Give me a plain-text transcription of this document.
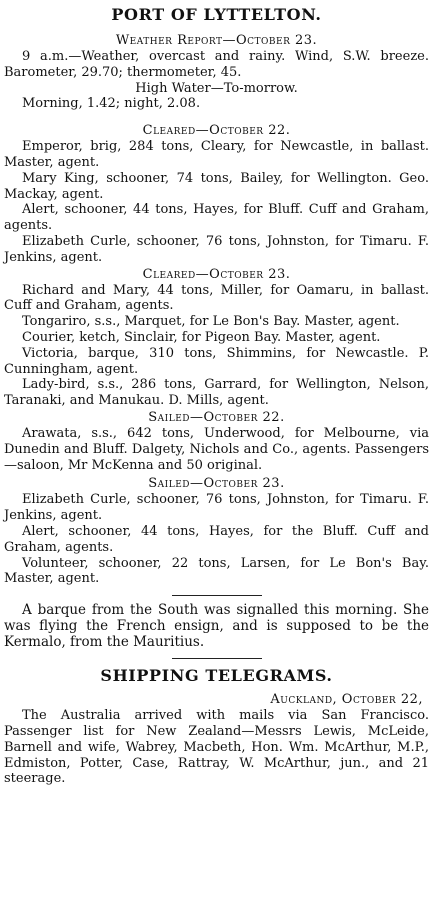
PORT OF LYTTELTON.
Weather Report—October 23.

9 a.m.—Weather, overcast and rainy. Wind, S.W. breeze. Barometer, 29.70; thermometer, 45.

High Water—To-morrow.

Morning, 1.42; night, 2.08.

Cleared—October 22.

Emperor, brig, 284 tons, Cleary, for Newcastle, in ballast. Master, agent.

Mary King, schooner, 74 tons, Bailey, for Wellington. Geo. Mackay, agent.

Alert, schooner, 44 tons, Hayes, for Bluff. Cuff and Graham, agents.

Elizabeth Curle, schooner, 76 tons, Johnston, for Timaru. F. Jenkins, agent.

Cleared—October 23.

Richard and Mary, 44 tons, Miller, for Oamaru, in ballast. Cuff and Graham, agents.

Tongariro, s.s., Marquet, for Le Bon's Bay. Master, agent.

Courier, ketch, Sinclair, for Pigeon Bay. Master, agent.

Victoria, barque, 310 tons, Shimmins, for Newcastle. P. Cunningham, agent.

Lady-bird, s.s., 286 tons, Garrard, for Wellington, Nelson, Taranaki, and Manukau. D. Mills, agent.

Sailed—October 22.

Arawata, s.s., 642 tons, Underwood, for Melbourne, via Dunedin and Bluff. Dalgety, Nichols and Co., agents. Passengers—saloon, Mr McKenna and 50 original.

Sailed—October 23.

Elizabeth Curle, schooner, 76 tons, Johnston, for Timaru. F. Jenkins, agent.

Alert, schooner, 44 tons, Hayes, for the Bluff. Cuff and Graham, agents.

Volunteer, schooner, 22 tons, Larsen, for Le Bon's Bay. Master, agent.

A barque from the South was signalled this morning. She was flying the French ensign, and is supposed to be the Kermalo, from the Mauritius.

SHIPPING TELEGRAMS.
Auckland, October 22,

The Australia arrived with mails via San Francisco. Passenger list for New Zealand—Messrs Lewis, McLeide, Barnell and wife, Wabrey, Macbeth, Hon. Wm. McArthur, M.P., Edmiston, Potter, Case, Rattray, W. McArthur, jun., and 21 steerage.
